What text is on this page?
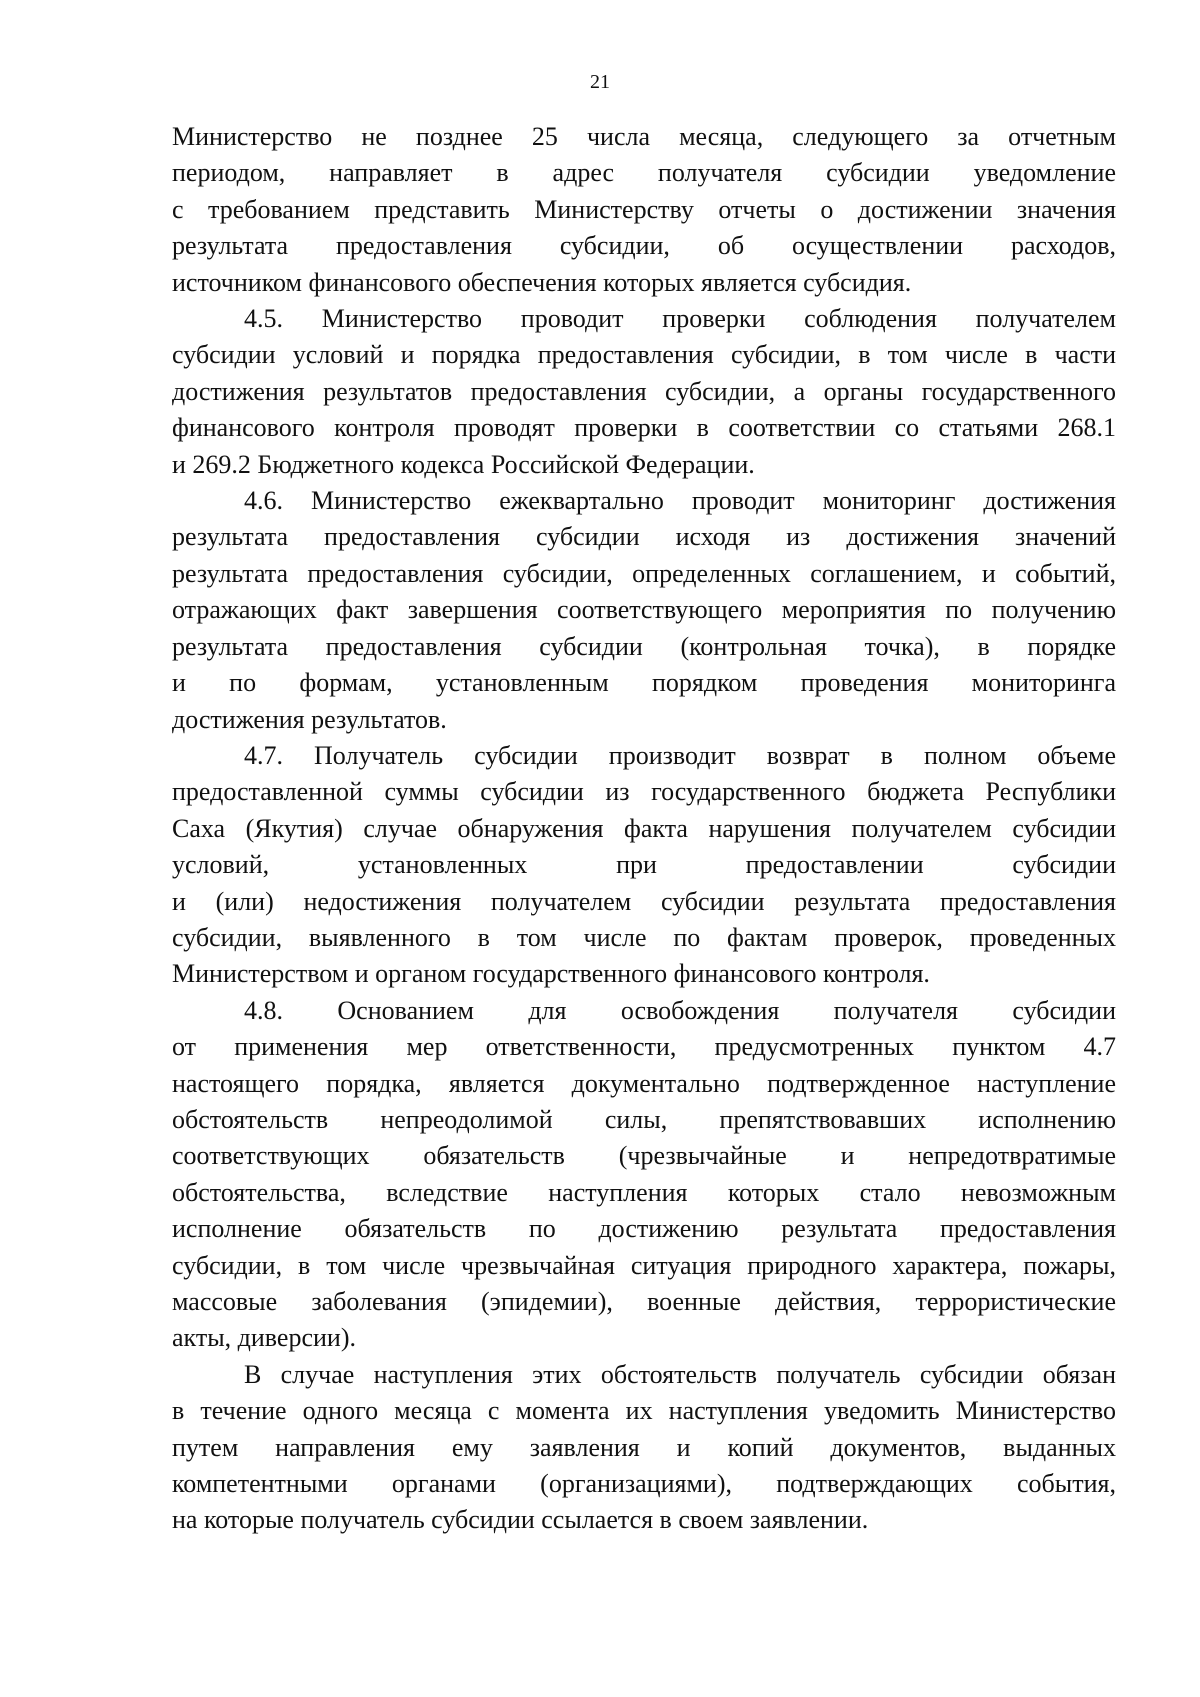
21

Министерство не позднее 25 числа месяца, следующего за отчетным
периодом, направляет в адрес получателя субсидии уведомление
с требованием представить Министерству отчеты о достижении значения
результата предоставления субсидии, об осуществлении расходов,
источником финансового обеспечения которых является субсидия.

4.5. Министерство проводит проверки соблюдения получателем
субсидии условий и порядка предоставления субсидии, в том числе в части
достижения результатов предоставления субсидии, а органы государственного
финансового контроля проводят проверки в соответствии со статьями 268.1
и 269.2 Бюджетного кодекса Российской Федерации.

4.6. Министерство ежеквартально проводит мониторинг достижения
результата предоставления субсидии исходя из достижения значений
результата предоставления субсидии, определенных соглашением, и событий,
отражающих факт завершения соответствующего мероприятия по получению
результата предоставления субсидии (контрольная точка), в порядке
и по формам, установленным порядком проведения мониторинга
достижения результатов.

4.7. Получатель субсидии производит возврат в полном объеме
предоставленной суммы субсидии из государственного бюджета Республики
Саха (Якутия) случае обнаружения факта нарушения получателем субсидии
условий, установленных при предоставлении субсидии
и (или) недостижения получателем субсидии результата предоставления
субсидии, выявленного в том числе по фактам проверок, проведенных
Министерством и органом государственного финансового контроля.

4.8. Основанием для освобождения получателя субсидии
от применения мер ответственности, предусмотренных пунктом 4.7
настоящего порядка, является документально подтвержденное наступление
обстоятельств непреодолимой силы, препятствовавших исполнению
соответствующих обязательств (чрезвычайные и непредотвратимые
обстоятельства, вследствие наступления которых стало невозможным
исполнение обязательств по достижению результата предоставления
субсидии, в том числе чрезвычайная ситуация природного характера, пожары,
массовые заболевания (эпидемии), военные действия, террористические
акты, диверсии).

В случае наступления этих обстоятельств получатель субсидии обязан
в течение одного месяца с момента их наступления уведомить Министерство
путем направления ему заявления и копий документов, выданных
компетентными органами (организациями), подтверждающих события,
на которые получатель субсидии ссылается в своем заявлении.
